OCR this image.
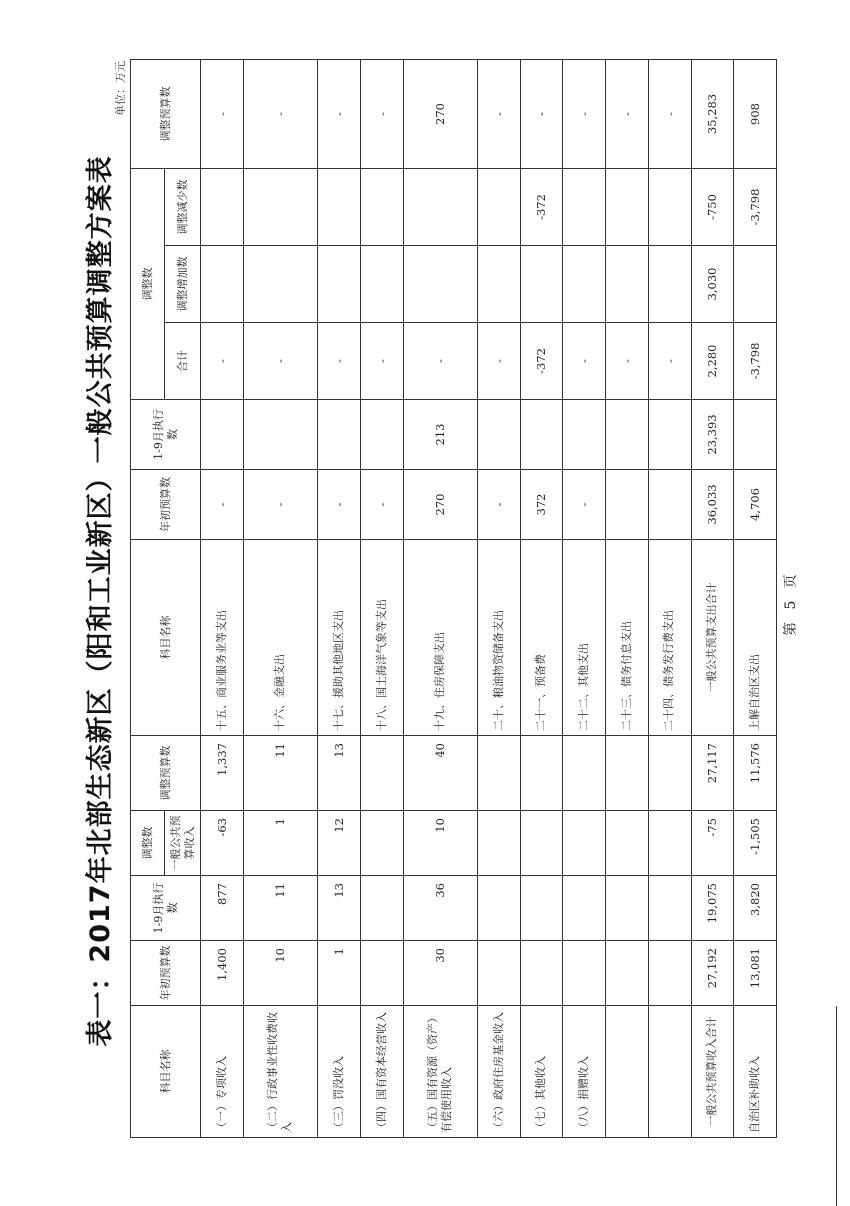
表一：2017年北部生态新区（阳和工业新区）一般公共预算调整方案表
单位：万元
科目名称	年初预算数	1-9月执行数	调整数	调整预算数	科目名称	年初预算数	1-9月执行数	调整数			调整预算数
			一般公共预算收入					合计	调整增加数	调整减少数	
（一）专项收入	1,400	877	-63	1,337	十五、商业服务业等支出	-		-			-
（二）行政事业性收费收入	10	11	1	11	十六、金融支出	-		-			-
（三）罚没收入	1	13	12	13	十七、援助其他地区支出	-		-			-
（四）国有资本经营收入					十八、国土海洋气象等支出	-		-			-
（五）国有资源（资产）有偿使用收入	30	36	10	40	十九、住房保障支出	270	213	-			270
（六）政府住房基金收入					二十、粮油物资储备支出	-		-			-
（七）其他收入					二十一、预备费	372		-372		-372	-
（八）捐赠收入					二十二、其他支出	-		-			-
					二十三、债务付息支出			-			-
					二十四、债务发行费支出			-			-
一般公共预算收入合计	27,192	19,075	-75	27,117	一般公共预算支出合计	36,033	23,393	2,280	3,030	-750	35,283
自治区补助收入	13,081	3,820	-1,505	11,576	上解自治区支出	4,706		-3,798		-3,798	908
第 5 页
